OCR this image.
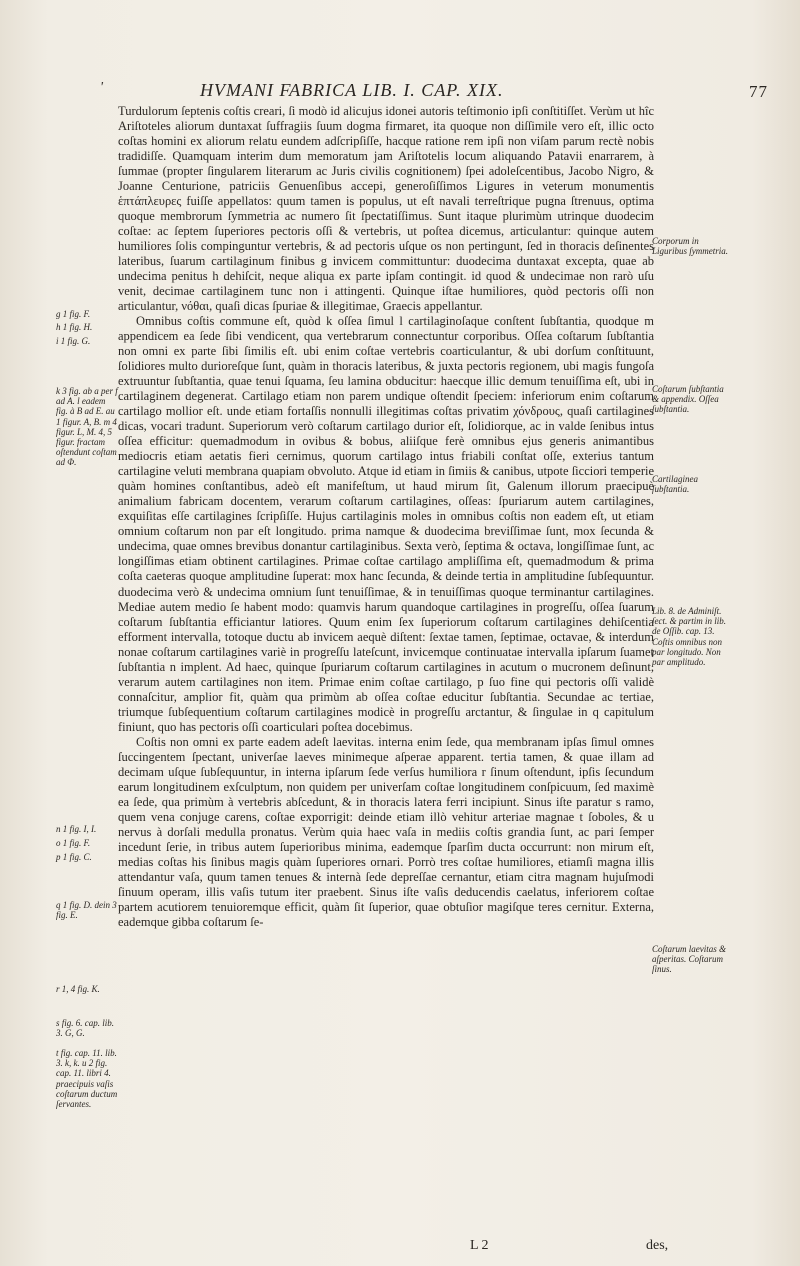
'	HVMANI FABRICA LIB. I. CAP. XIX.	77

Turdulorum ſeptenis coſtis creari, ſi modò id alicujus idonei autoris teſtimonio ipſi conſtitiſſet. Verùm ut hîc Ariſtoteles aliorum duntaxat ſuffragiis ſuum dogma firmaret, ita quoque non diſſimile vero eſt, illic octo coſtas homini ex aliorum relatu eundem adſcripſiſſe, hacque ratione rem ipſi non viſam parum rectè nobis tradidiſſe. Quamquam interim dum memoratum jam Ariſtotelis locum aliquando Patavii enarrarem, à ſummae (propter ſingularem literarum ac Juris civilis cognitionem) ſpei adoleſcentibus, Jacobo Nigro, & Joanne Centurione, patriciis Genuenſibus accepi, generoſiſſimos Ligures in veterum monumentis ἑπτάπλευρες fuiſſe appellatos: quum tamen is populus, ut eſt navali terreſtrique pugna ſtrenuus, optima quoque membrorum ſymmetria ac numero ſit ſpectatiſſimus. Sunt itaque plurimùm utrinque duodecim coſtae: ac ſeptem ſuperiores pectoris oſſi & vertebris, ut poſtea dicemus, articulantur: quinque autem humiliores ſolis compinguntur vertebris, & ad pectoris uſque os non pertingunt, ſed in thoracis deſinentes lateribus, ſuarum cartilaginum finibus g invicem committuntur: duodecima duntaxat excepta, quae ab undecima penitus h dehiſcit, neque aliqua ex parte ipſam contingit. id quod & undecimae non rarò uſu venit, decimae cartilaginem tunc non i attingenti. Quinque iſtae humiliores, quòd pectoris oſſi non articulantur, νόθαι, quaſi dicas ſpuriae & illegitimae, Graecis appellantur.

Omnibus coſtis commune eſt, quòd k oſſea ſimul l cartilaginoſaque conſtent ſubſtantia, quodque m appendicem ea ſede ſibi vendicent, qua vertebrarum connectuntur corporibus. Oſſea coſtarum ſubſtantia non omni ex parte ſibi ſimilis eſt. ubi enim coſtae vertebris coarticulantur, & ubi dorſum conſtituunt, ſolidiores multo durioreſque ſunt, quàm in thoracis lateribus, & juxta pectoris regionem, ubi magis fungoſa extruuntur ſubſtantia, quae tenui ſquama, ſeu lamina obducitur: haecque illic demum tenuiſſima eſt, ubi in cartilaginem degenerat. Cartilago etiam non parem undique oſtendit ſpeciem: inferiorum enim coſtarum cartilago mollior eſt. unde etiam fortaſſis nonnulli illegitimas coſtas privatim χόνδρους, quaſi cartilagines dicas, vocari tradunt. Superiorum verò coſtarum cartilago durior eſt, ſolidiorque, ac in valde ſenibus intus oſſea efficitur: quemadmodum in ovibus & bobus, aliiſque ferè omnibus ejus generis animantibus mediocris etiam aetatis fieri cernimus, quorum cartilago intus friabili conſtat oſſe, exterius tantum cartilagine veluti membrana quapiam obvoluto. Atque id etiam in ſimiis & canibus, utpote ſicciori temperie quàm homines conſtantibus, adeò eſt manifeſtum, ut haud mirum ſit, Galenum illorum praecipuè animalium fabricam docentem, verarum coſtarum cartilagines, oſſeas: ſpuriarum autem cartilagines, exquiſitas eſſe cartilagines ſcripſiſſe. Hujus cartilaginis moles in omnibus coſtis non eadem eſt, ut etiam omnium coſtarum non par eſt longitudo. prima namque & duodecima breviſſimae ſunt, mox ſecunda & undecima, quae omnes brevibus donantur cartilaginibus. Sexta verò, ſeptima & octava, longiſſimae ſunt, ac longiſſimas etiam obtinent cartilagines. Primae coſtae cartilago ampliſſima eſt, quemadmodum & prima coſta caeteras quoque amplitudine ſuperat: mox hanc ſecunda, & deinde tertia in amplitudine ſubſequuntur. duodecima verò & undecima omnium ſunt tenuiſſimae, & in tenuiſſimas quoque terminantur cartilagines. Mediae autem medio ſe habent modo: quamvis harum quandoque cartilagines in progreſſu, oſſea ſuarum coſtarum ſubſtantia efficiantur latiores. Quum enim ſex ſuperiorum coſtarum cartilagines dehiſcentia efforment intervalla, totoque ductu ab invicem aequè diſtent: ſextae tamen, ſeptimae, octavae, & interdum nonae coſtarum cartilagines variè in progreſſu lateſcunt, invicemque continuatae intervalla ipſarum ſuamet ſubſtantia n implent. Ad haec, quinque ſpuriarum coſtarum cartilagines in acutum o mucronem deſinunt, verarum autem cartilagines non item. Primae enim coſtae cartilago, p ſuo fine qui pectoris oſſi validè connaſcitur, amplior fit, quàm qua primùm ab oſſea coſtae educitur ſubſtantia. Secundae ac tertiae, triumque ſubſequentium coſtarum cartilagines modicè in progreſſu arctantur, & ſingulae in q capitulum finiunt, quo has pectoris oſſi coarticulari poſtea docebimus.

Coſtis non omni ex parte eadem adeſt laevitas. interna enim ſede, qua membranam ipſas ſimul omnes ſuccingentem ſpectant, univerſae laeves minimeque aſperae apparent. tertia tamen, & quae illam ad decimam uſque ſubſequuntur, in interna ipſarum ſede verſus humiliora r ſinum oſtendunt, ipſis ſecundum earum longitudinem exſculptum, non quidem per univerſam coſtae longitudinem conſpicuum, ſed maximè ea ſede, qua primùm à vertebris abſcedunt, & in thoracis latera ferri incipiunt. Sinus iſte paratur s ramo, quem vena conjuge carens, coſtae exporrigit: deinde etiam illò vehitur arteriae magnae t ſoboles, & u nervus à dorſali medulla pronatus. Verùm quia haec vaſa in mediis coſtis grandia ſunt, ac pari ſemper incedunt ſerie, in tribus autem ſuperioribus minima, eademque ſparſim ducta occurrunt: non mirum eſt, medias coſtas his ſinibus magis quàm ſuperiores ornari. Porrò tres coſtae humiliores, etiamſi magna illis attendantur vaſa, quum tamen tenues & internà ſede depreſſae cernantur, etiam citra magnam hujuſmodi ſinuum operam, illis vaſis tutum iter praebent. Sinus iſte vaſis deducendis caelatus, inferiorem coſtae partem acutiorem tenuioremque efficit, quàm ſit ſuperior, quae obtuſior magiſque teres cernitur. Externa, eademque gibba coſtarum ſe-

g 1 fig. F.
h 1 fig. H.
i 1 fig. G.
k 3 fig. ab a per f ad A. l eadem fig. à B ad E. au 1 figur. A, B. m 4 figur. L, M. 4, 5 figur. fractam oſtendunt coſtam ad Φ.
n 1 fig. I, I.
o 1 fig. F.
p 1 fig. C.
q 1 fig. D. dein 3 fig. E.
r 1, 4 fig. K.
s fig. 6. cap. lib. 3. G, G.
t fig. cap. 11. lib. 3. k, k. u 2 fig. cap. 11. libri 4. praecipuis vaſis coſtarum ductum ſervantes.
Corporum in Liguribus ſymmetria.
Coſtarum ſubſtantia & appendix. Oſſea ſubſtantia.
Cartilaginea ſubſtantia.
Lib. 8. de Adminiſt. ſect. & partim in lib. de Oſſib. cap. 13. Coſtis omnibus non par longitudo. Non par amplitudo.
Coſtarum laevitas & aſperitas. Coſtarum ſinus.
L 2	des,
